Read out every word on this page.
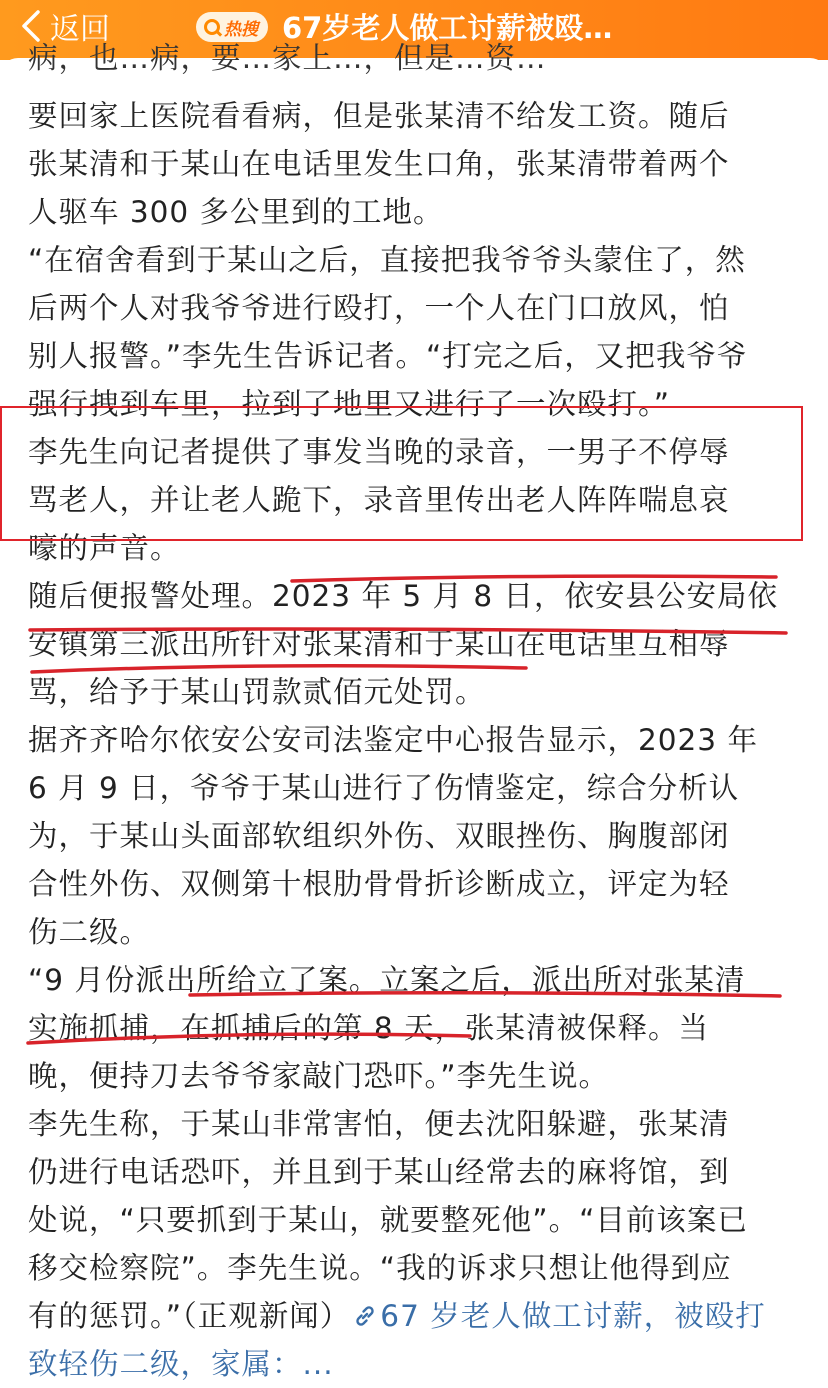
返回	热搜 67岁老人做工讨薪被殴…
病，也…病，要…家上…，但是…资…
要回家上医院看看病，但是张某清不给发工资。随后
张某清和于某山在电话里发生口角，张某清带着两个
人驱车 300 多公里到的工地。
“在宿舍看到于某山之后，直接把我爷爷头蒙住了，然
后两个人对我爷爷进行殴打，一个人在门口放风，怕
别人报警。”李先生告诉记者。“打完之后，又把我爷爷
强行拽到车里，拉到了地里又进行了一次殴打。”
李先生向记者提供了事发当晚的录音，一男子不停辱
骂老人，并让老人跪下，录音里传出老人阵阵喘息哀
嚎的声音。
随后便报警处理。2023 年 5 月 8 日，依安县公安局依
安镇第三派出所针对张某清和于某山在电话里互相辱
骂，给予于某山罚款贰佰元处罚。
据齐齐哈尔依安公安司法鉴定中心报告显示，2023 年
6 月 9 日，爷爷于某山进行了伤情鉴定，综合分析认
为，于某山头面部软组织外伤、双眼挫伤、胸腹部闭
合性外伤、双侧第十根肋骨骨折诊断成立，评定为轻
伤二级。
“9 月份派出所给立了案。立案之后，派出所对张某清
实施抓捕，在抓捕后的第 8 天，张某清被保释。当
晚，便持刀去爷爷家敲门恐吓。”李先生说。
李先生称，于某山非常害怕，便去沈阳躲避，张某清
仍进行电话恐吓，并且到于某山经常去的麻将馆，到
处说，“只要抓到于某山，就要整死他”。“目前该案已
移交检察院”。李先生说。“我的诉求只想让他得到应
有的惩罚。”（正观新闻） 67 岁老人做工讨薪，被殴打
致轻伤二级，家属：...
